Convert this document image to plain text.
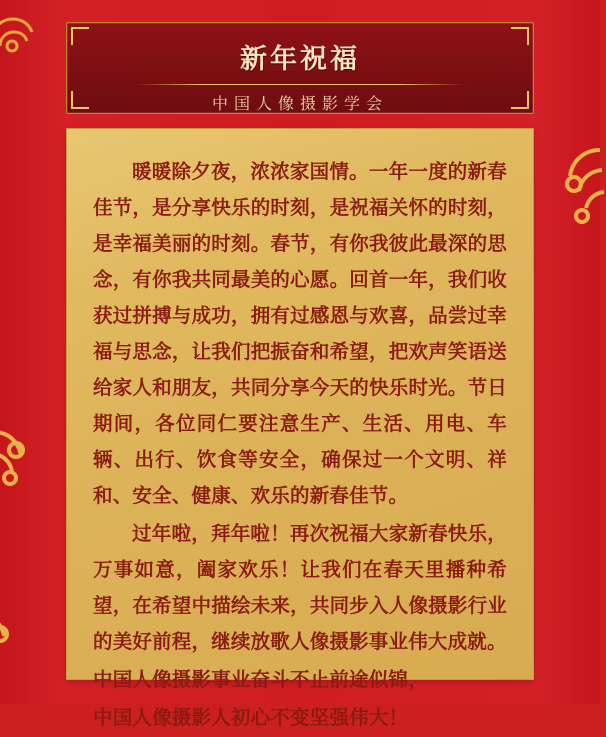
新年祝福
中国人像摄影学会

暖暖除夕夜，浓浓家国情。一年一度的新春佳节，是分享快乐的时刻，是祝福关怀的时刻，是幸福美丽的时刻。春节，有你我彼此最深的思念，有你我共同最美的心愿。回首一年，我们收获过拼搏与成功，拥有过感恩与欢喜，品尝过幸福与思念，让我们把振奋和希望，把欢声笑语送给家人和朋友，共同分享今天的快乐时光。节日期间，各位同仁要注意生产、生活、用电、车辆、出行、饮食等安全，确保过一个文明、祥和、安全、健康、欢乐的新春佳节。

过年啦，拜年啦！再次祝福大家新春快乐，万事如意，阖家欢乐！让我们在春天里播种希望，在希望中描绘未来，共同步入人像摄影行业的美好前程，继续放歌人像摄影事业伟大成就。

中国人像摄影事业奋斗不止前途似锦，

中国人像摄影人初心不变坚强伟大！
